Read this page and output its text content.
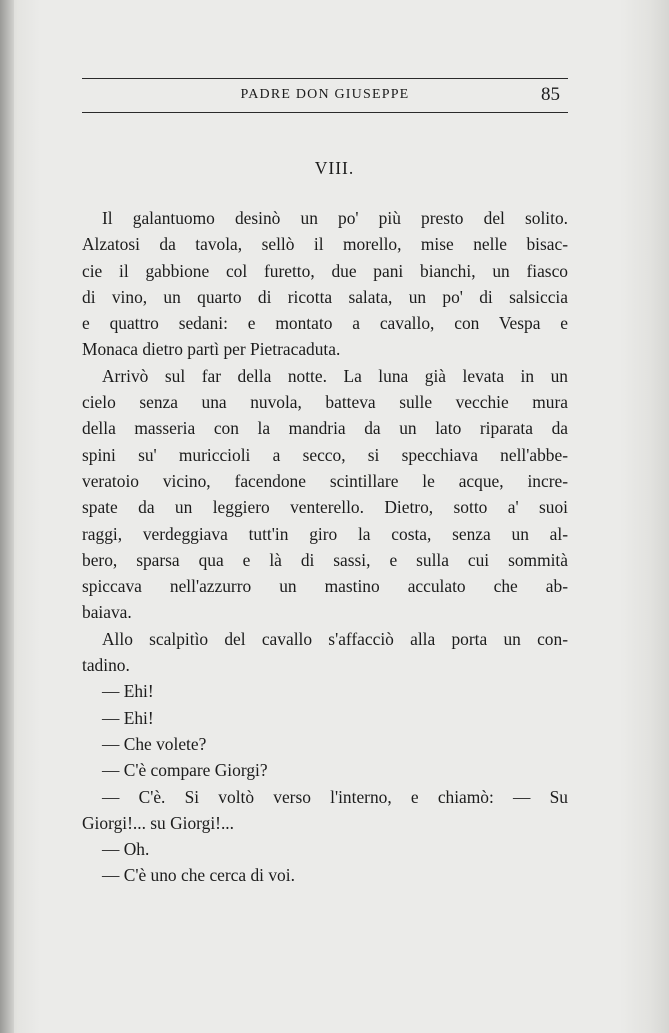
PADRE DON GIUSEPPE	85
VIII.
Il galantuomo desinò un po' più presto del solito.
Alzatosi da tavola, sellò il morello, mise nelle bisac-
cie il gabbione col furetto, due pani bianchi, un fiasco
di vino, un quarto di ricotta salata, un po' di salsiccia
e quattro sedani: e montato a cavallo, con Vespa e
Monaca dietro partì per Pietracaduta.
Arrivò sul far della notte. La luna già levata in un
cielo senza una nuvola, batteva sulle vecchie mura
della masseria con la mandria da un lato riparata da
spini su' muriccioli a secco, si specchiava nell'abbe-
veratoio vicino, facendone scintillare le acque, incre-
spate da un leggiero venterello. Dietro, sotto a' suoi
raggi, verdeggiava tutt'in giro la costa, senza un al-
bero, sparsa qua e là di sassi, e sulla cui sommità
spiccava nell'azzurro un mastino acculato che ab-
baiava.
Allo scalpitìo del cavallo s'affacciò alla porta un con-
tadino.
— Ehi!
— Ehi!
— Che volete?
— C'è compare Giorgi?
— C'è. Si voltò verso l'interno, e chiamò: — Su
Giorgi!... su Giorgi!...
— Oh.
— C'è uno che cerca di voi.
